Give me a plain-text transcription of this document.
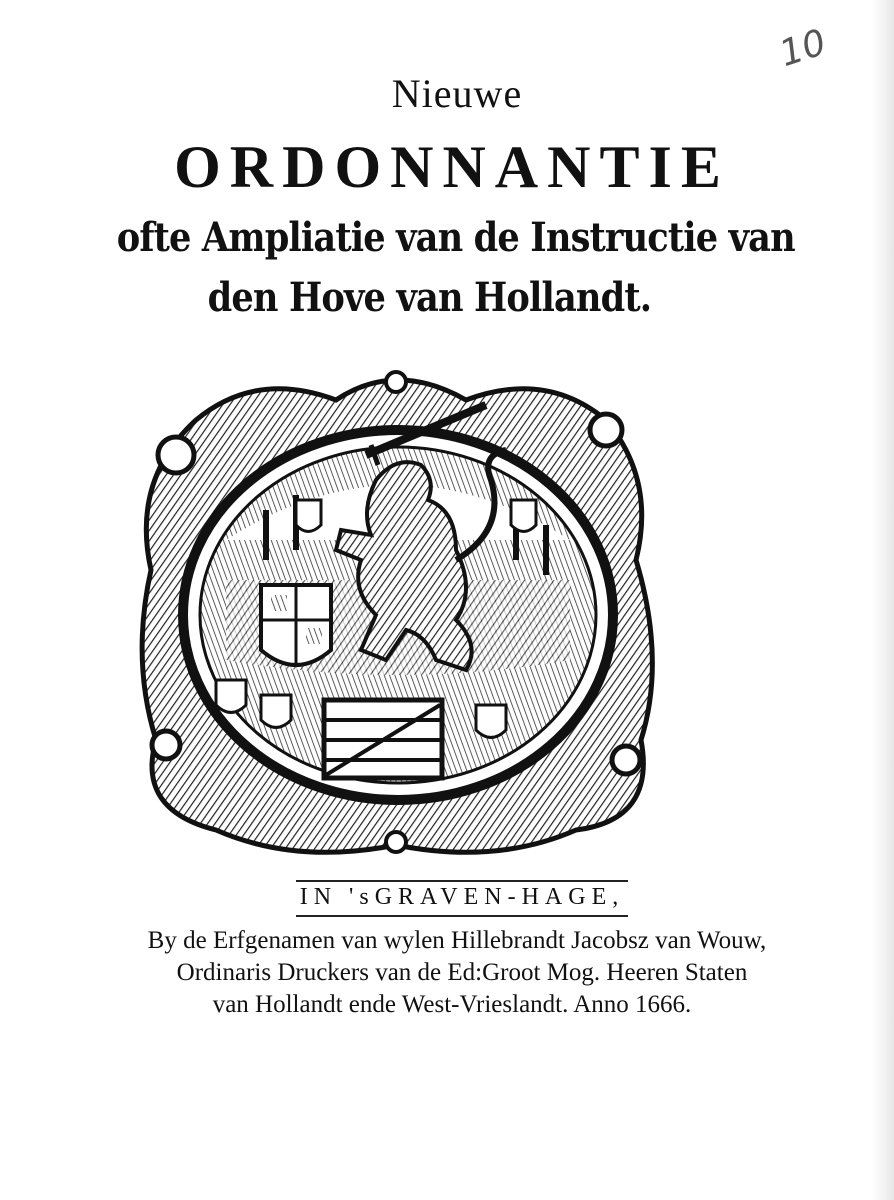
10
Nieuwe
ORDONNANTIE
ofte Ampliatie van de Instructie van
den Hove van Hollandt.
IN 'sGRAVEN-HAGE,
By de Erfgenamen van wylen Hillebrandt Jacobsz van Wouw,
Ordinaris Druckers van de Ed:Groot Mog. Heeren Staten
van Hollandt ende West-Vrieslandt. Anno 1666.
